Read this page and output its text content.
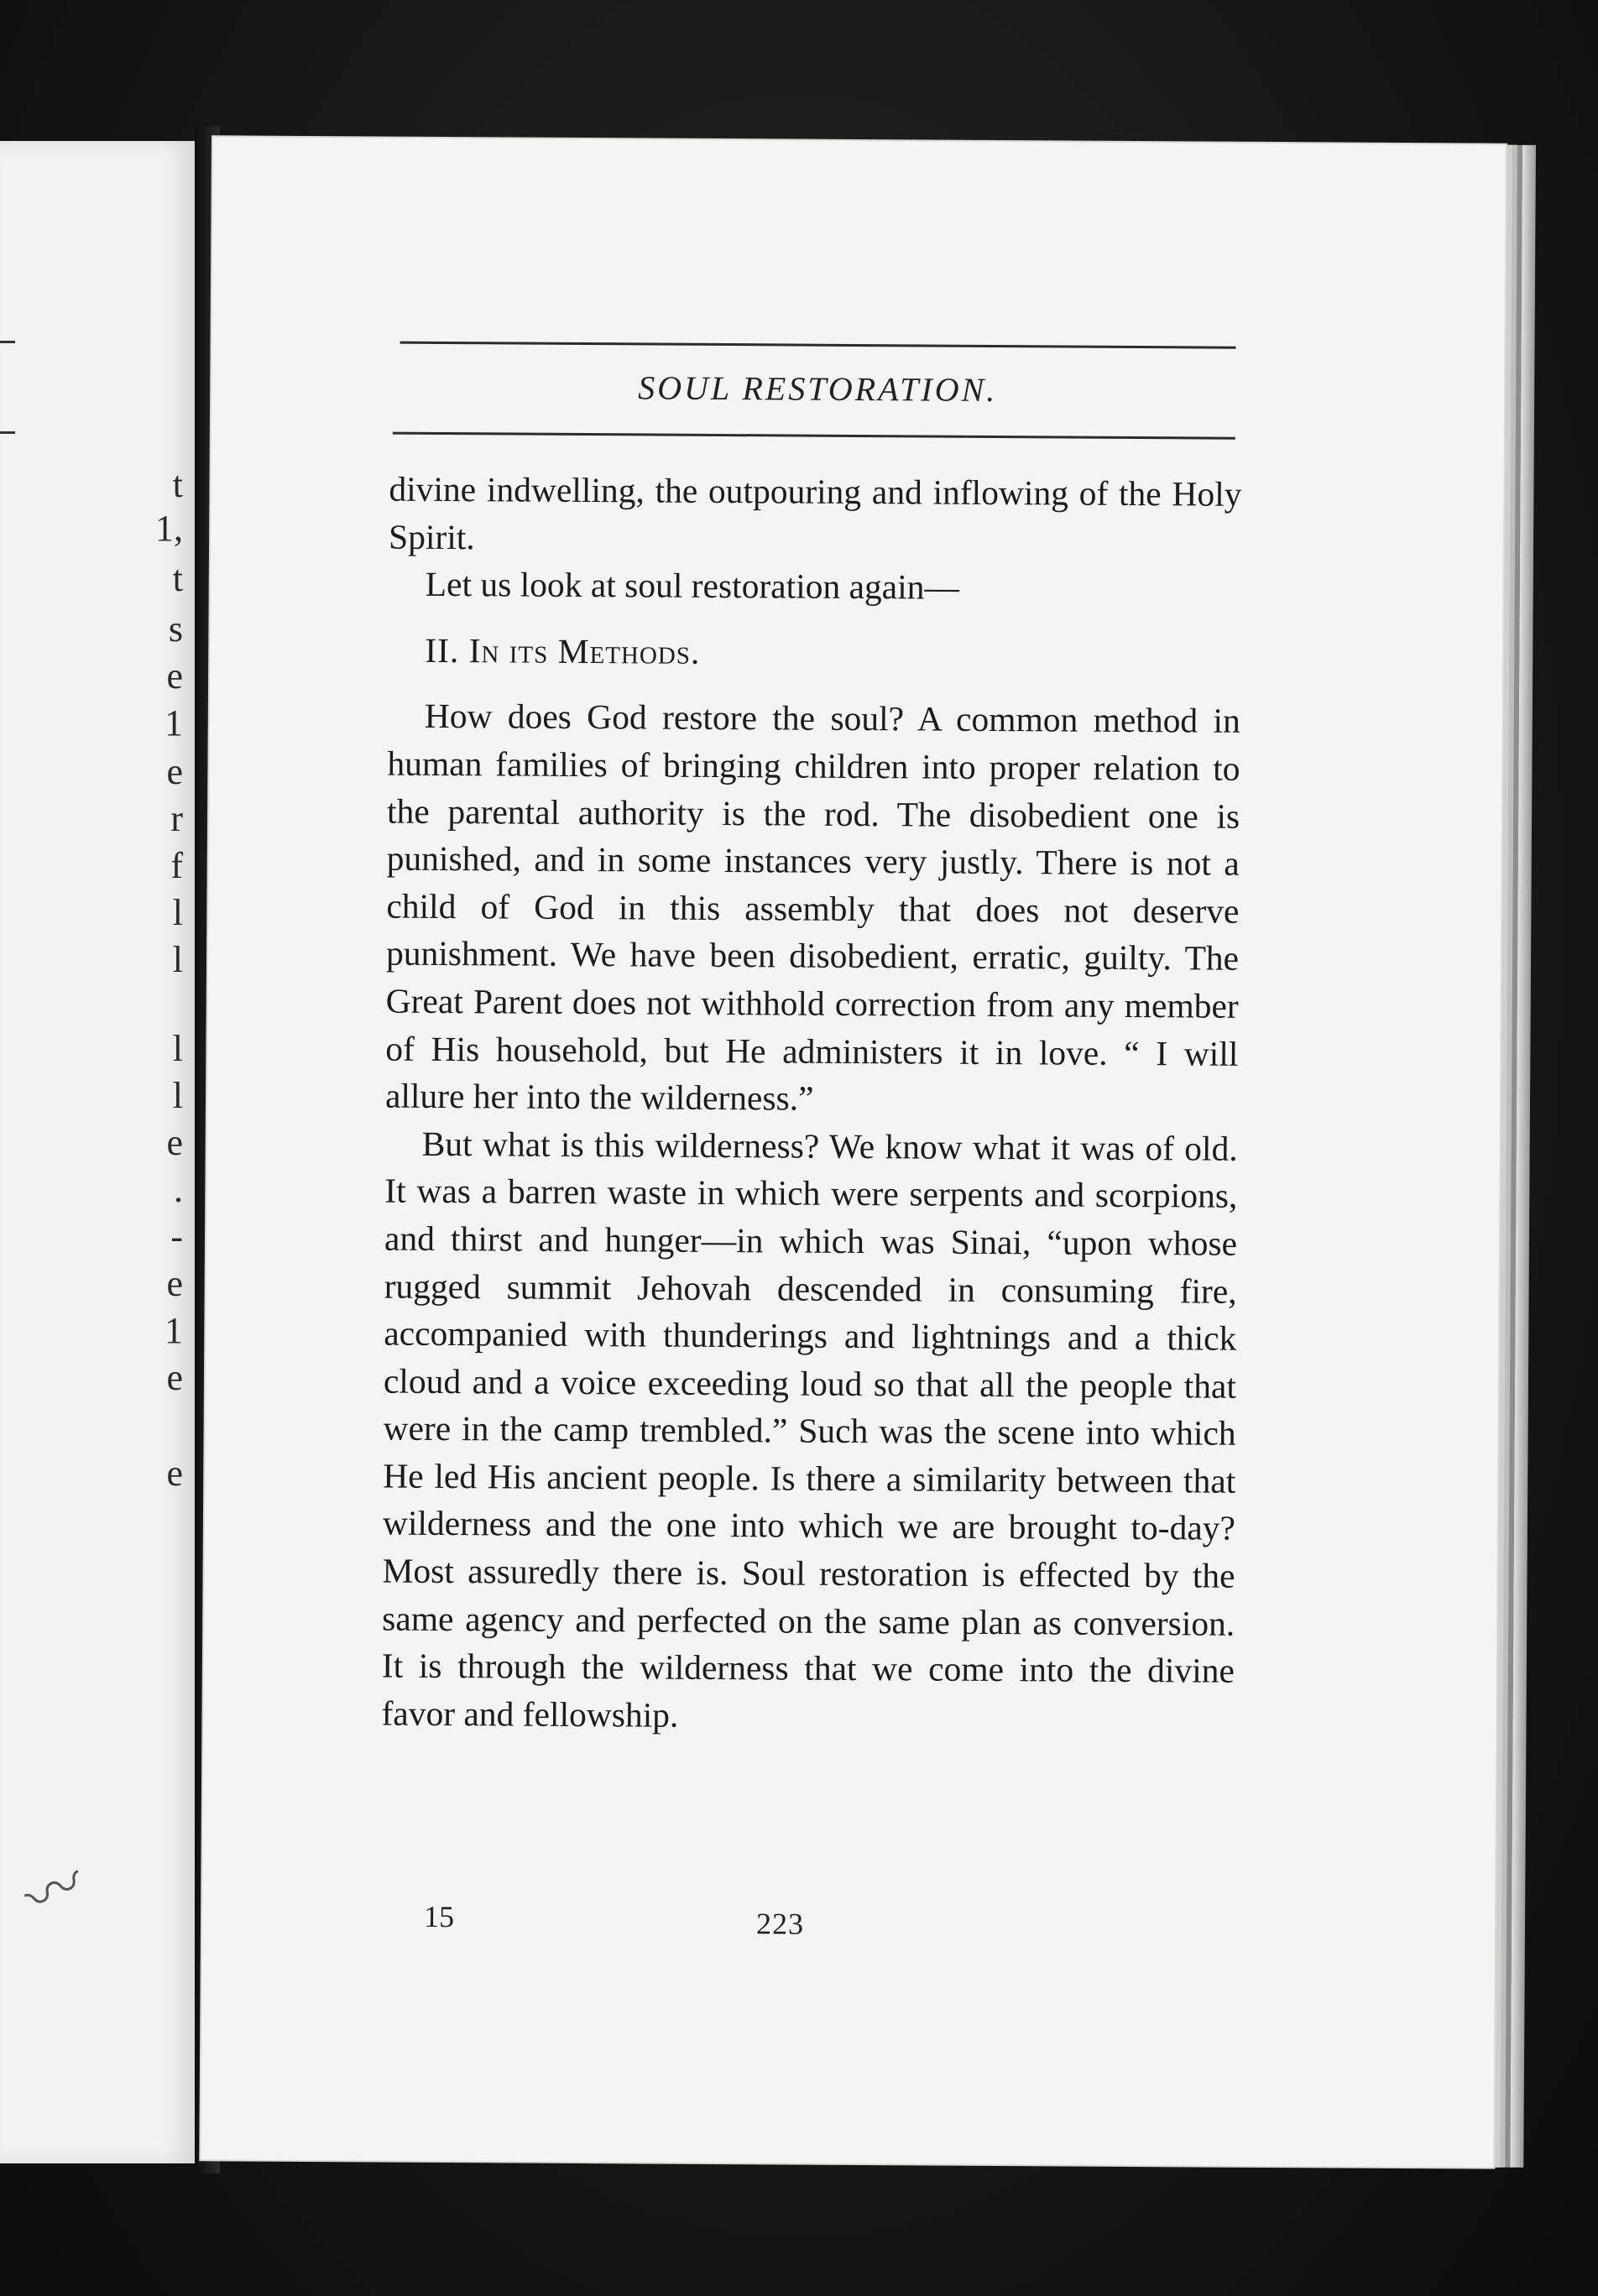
t
1,
t
s
e
1
e
r
f
l
l
l
l
e
.
-
e
1
e
e
〰
SOUL RESTORATION.

divine indwelling, the outpouring and inflowing of the Holy Spirit.

Let us look at soul restoration again—

II. In its Methods.

How does God restore the soul? A common method in human families of bringing children into proper relation to the parental authority is the rod. The disobedient one is punished, and in some instances very justly. There is not a child of God in this assembly that does not deserve punishment. We have been disobedient, erratic, guilty. The Great Parent does not withhold correction from any member of His household, but He administers it in love. “ I will allure her into the wilderness.”

But what is this wilderness? We know what it was of old. It was a barren waste in which were serpents and scorpions, and thirst and hunger—in which was Sinai, “upon whose rugged summit Jehovah descended in consuming fire, accompanied with thunderings and lightnings and a thick cloud and a voice exceeding loud so that all the people that were in the camp trembled.” Such was the scene into which He led His ancient people. Is there a similarity between that wilderness and the one into which we are brought to-day? Most assuredly there is. Soul restoration is effected by the same agency and perfected on the same plan as conversion. It is through the wilderness that we come into the divine favor and fellowship.

15	223
